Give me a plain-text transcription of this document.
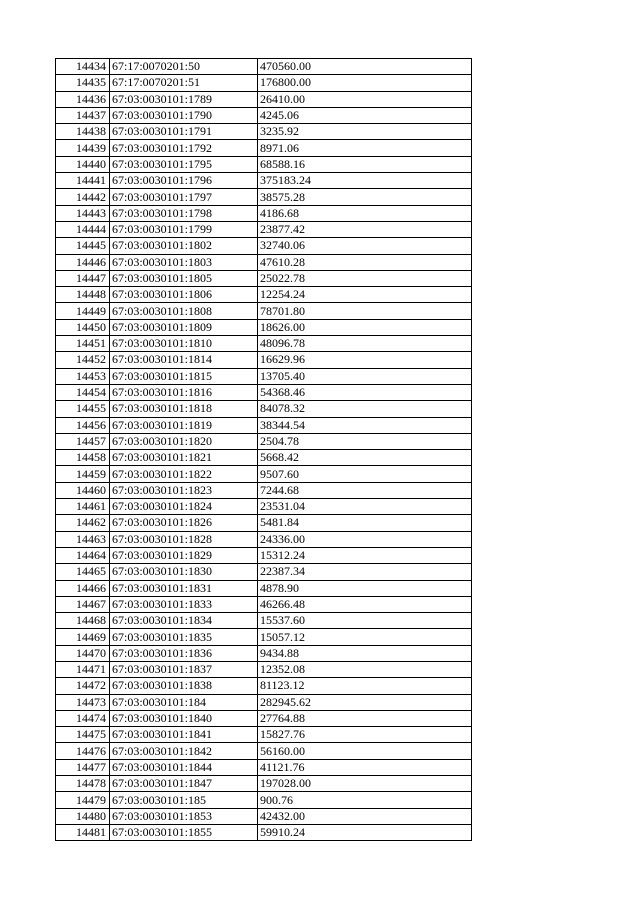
14434	67:17:0070201:50	470560.00
14435	67:17:0070201:51	176800.00
14436	67:03:0030101:1789	26410.00
14437	67:03:0030101:1790	4245.06
14438	67:03:0030101:1791	3235.92
14439	67:03:0030101:1792	8971.06
14440	67:03:0030101:1795	68588.16
14441	67:03:0030101:1796	375183.24
14442	67:03:0030101:1797	38575.28
14443	67:03:0030101:1798	4186.68
14444	67:03:0030101:1799	23877.42
14445	67:03:0030101:1802	32740.06
14446	67:03:0030101:1803	47610.28
14447	67:03:0030101:1805	25022.78
14448	67:03:0030101:1806	12254.24
14449	67:03:0030101:1808	78701.80
14450	67:03:0030101:1809	18626.00
14451	67:03:0030101:1810	48096.78
14452	67:03:0030101:1814	16629.96
14453	67:03:0030101:1815	13705.40
14454	67:03:0030101:1816	54368.46
14455	67:03:0030101:1818	84078.32
14456	67:03:0030101:1819	38344.54
14457	67:03:0030101:1820	2504.78
14458	67:03:0030101:1821	5668.42
14459	67:03:0030101:1822	9507.60
14460	67:03:0030101:1823	7244.68
14461	67:03:0030101:1824	23531.04
14462	67:03:0030101:1826	5481.84
14463	67:03:0030101:1828	24336.00
14464	67:03:0030101:1829	15312.24
14465	67:03:0030101:1830	22387.34
14466	67:03:0030101:1831	4878.90
14467	67:03:0030101:1833	46266.48
14468	67:03:0030101:1834	15537.60
14469	67:03:0030101:1835	15057.12
14470	67:03:0030101:1836	9434.88
14471	67:03:0030101:1837	12352.08
14472	67:03:0030101:1838	81123.12
14473	67:03:0030101:184	282945.62
14474	67:03:0030101:1840	27764.88
14475	67:03:0030101:1841	15827.76
14476	67:03:0030101:1842	56160.00
14477	67:03:0030101:1844	41121.76
14478	67:03:0030101:1847	197028.00
14479	67:03:0030101:185	900.76
14480	67:03:0030101:1853	42432.00
14481	67:03:0030101:1855	59910.24
